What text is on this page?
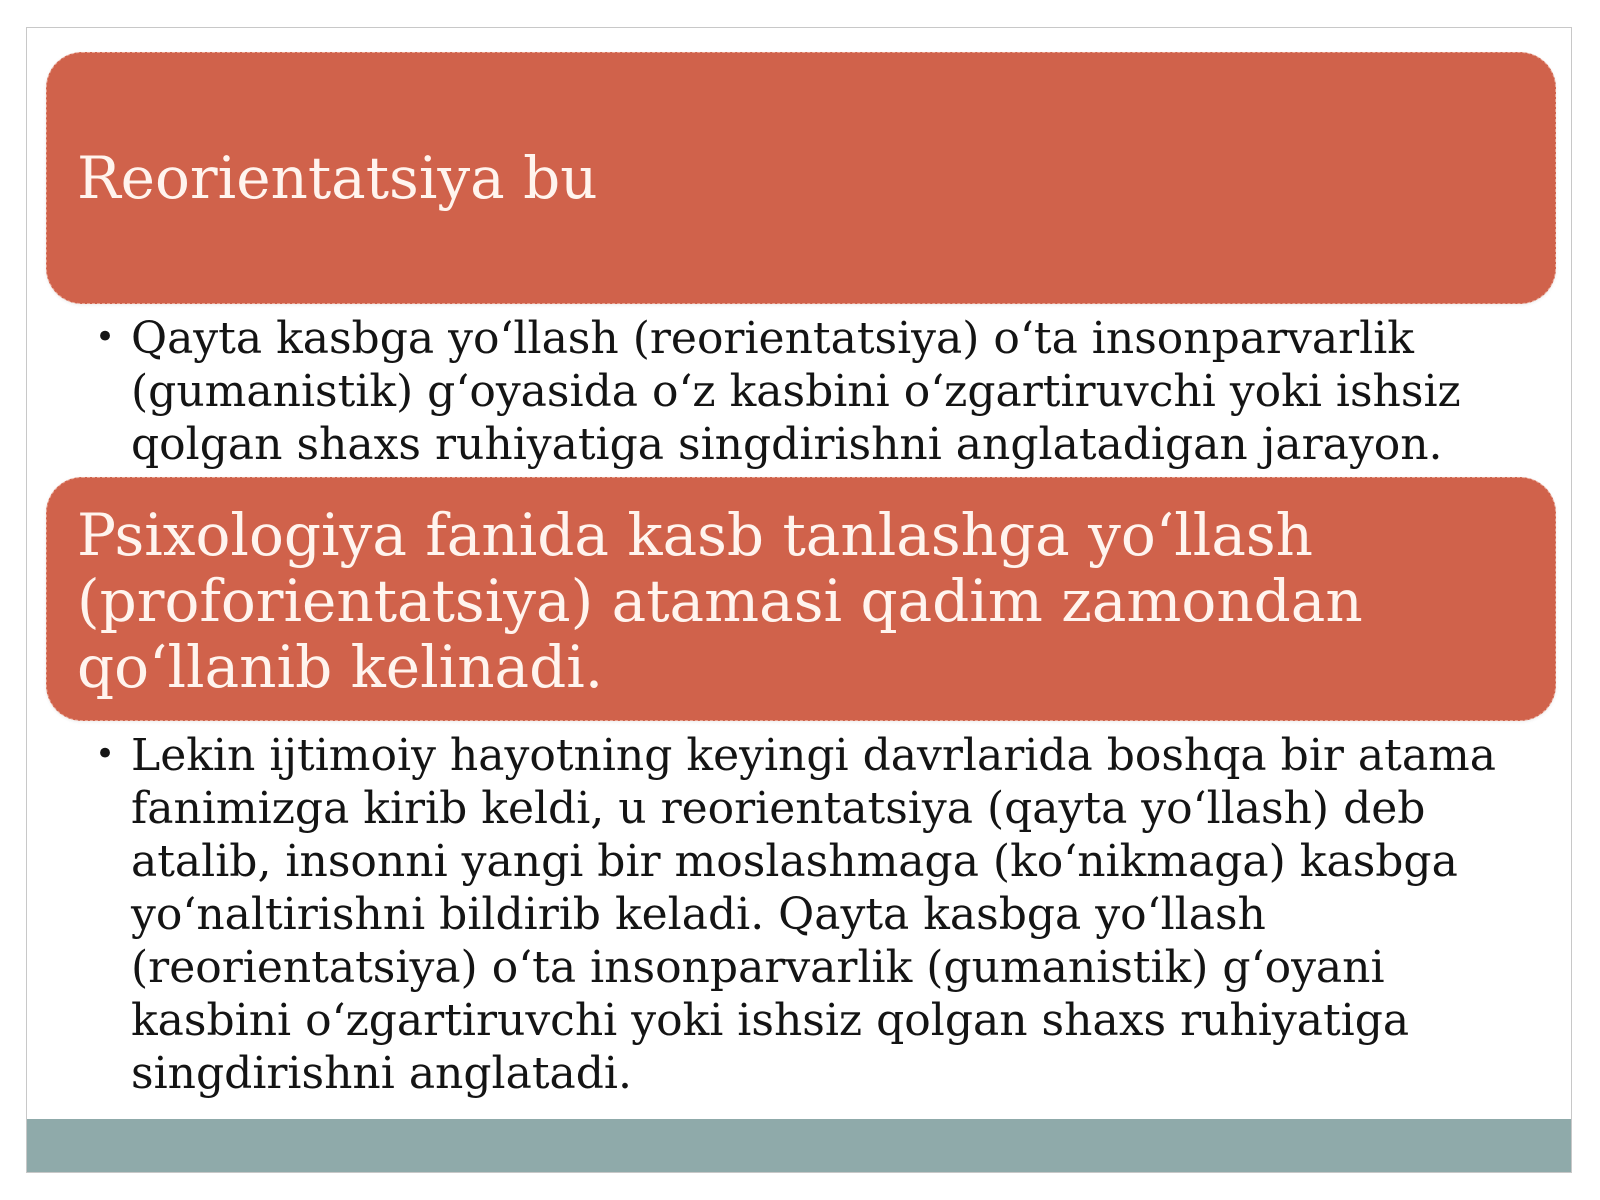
Reorientatsiya bu
• Qayta kasbga yo‘llash (reorientatsiya) o‘ta insonparvarlik (gumanistik) g‘oyasida o‘z kasbini o‘zgartiruvchi yoki ishsiz qolgan shaxs ruhiyatiga singdirishni anglatadigan jarayon.
Psixologiya fanida kasb tanlashga yo‘llash (proforientatsiya) atamasi qadim zamondan qo‘llanib kelinadi.
• Lekin ijtimoiy hayotning keyingi davrlarida boshqa bir atama fanimizga kirib keldi, u reorientatsiya (qayta yo‘llash) deb atalib, insonni yangi bir moslashmaga (ko‘nikmaga) kasbga yo‘naltirishni bildirib keladi. Qayta kasbga yo‘llash (reorientatsiya) o‘ta insonparvarlik (gumanistik) g‘oyani kasbini o‘zgartiruvchi yoki ishsiz qolgan shaxs ruhiyatiga singdirishni anglatadi.
